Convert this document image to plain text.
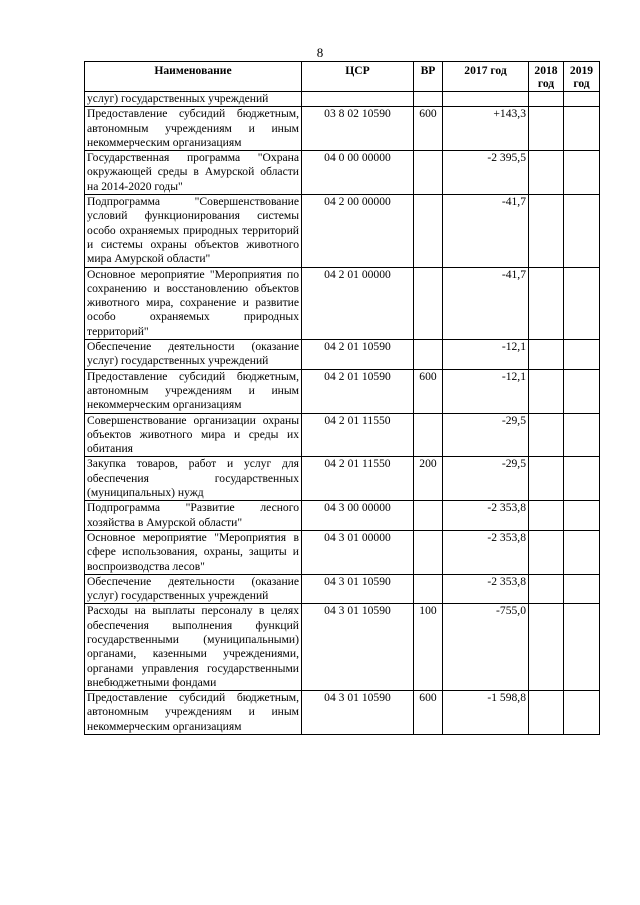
8
Наименование	ЦСР	ВР	2017 год	2018 год	2019 год
услуг) государственных учреждений					
Предоставление субсидий бюджетным, автономным учреждениям и иным некоммерческим организациям	03 8 02 10590	600	+143,3		
Государственная программа "Охрана окружающей среды в Амурской области на 2014-2020 годы"	04 0 00 00000		-2 395,5		
Подпрограмма "Совершенствование условий функционирования системы особо охраняемых природных территорий и системы охраны объектов животного мира Амурской области"	04 2 00 00000		-41,7		
Основное мероприятие "Мероприятия по сохранению и восстановлению объектов животного мира, сохранение и развитие особо охраняемых природных территорий"	04 2 01 00000		-41,7		
Обеспечение деятельности (оказание услуг) государственных учреждений	04 2 01 10590		-12,1		
Предоставление субсидий бюджетным, автономным учреждениям и иным некоммерческим организациям	04 2 01 10590	600	-12,1		
Совершенствование организации охраны объектов животного мира и среды их обитания	04 2 01 11550		-29,5		
Закупка товаров, работ и услуг для обеспечения государственных (муниципальных) нужд	04 2 01 11550	200	-29,5		
Подпрограмма "Развитие лесного хозяйства в Амурской области"	04 3 00 00000		-2 353,8		
Основное мероприятие "Мероприятия в сфере использования, охраны, защиты и воспроизводства лесов"	04 3 01 00000		-2 353,8		
Обеспечение деятельности (оказание услуг) государственных учреждений	04 3 01 10590		-2 353,8		
Расходы на выплаты персоналу в целях обеспечения выполнения функций государственными (муниципальными) органами, казенными учреждениями, органами управления государственными внебюджетными фондами	04 3 01 10590	100	-755,0		
Предоставление субсидий бюджетным, автономным учреждениям и иным некоммерческим организациям	04 3 01 10590	600	-1 598,8		
